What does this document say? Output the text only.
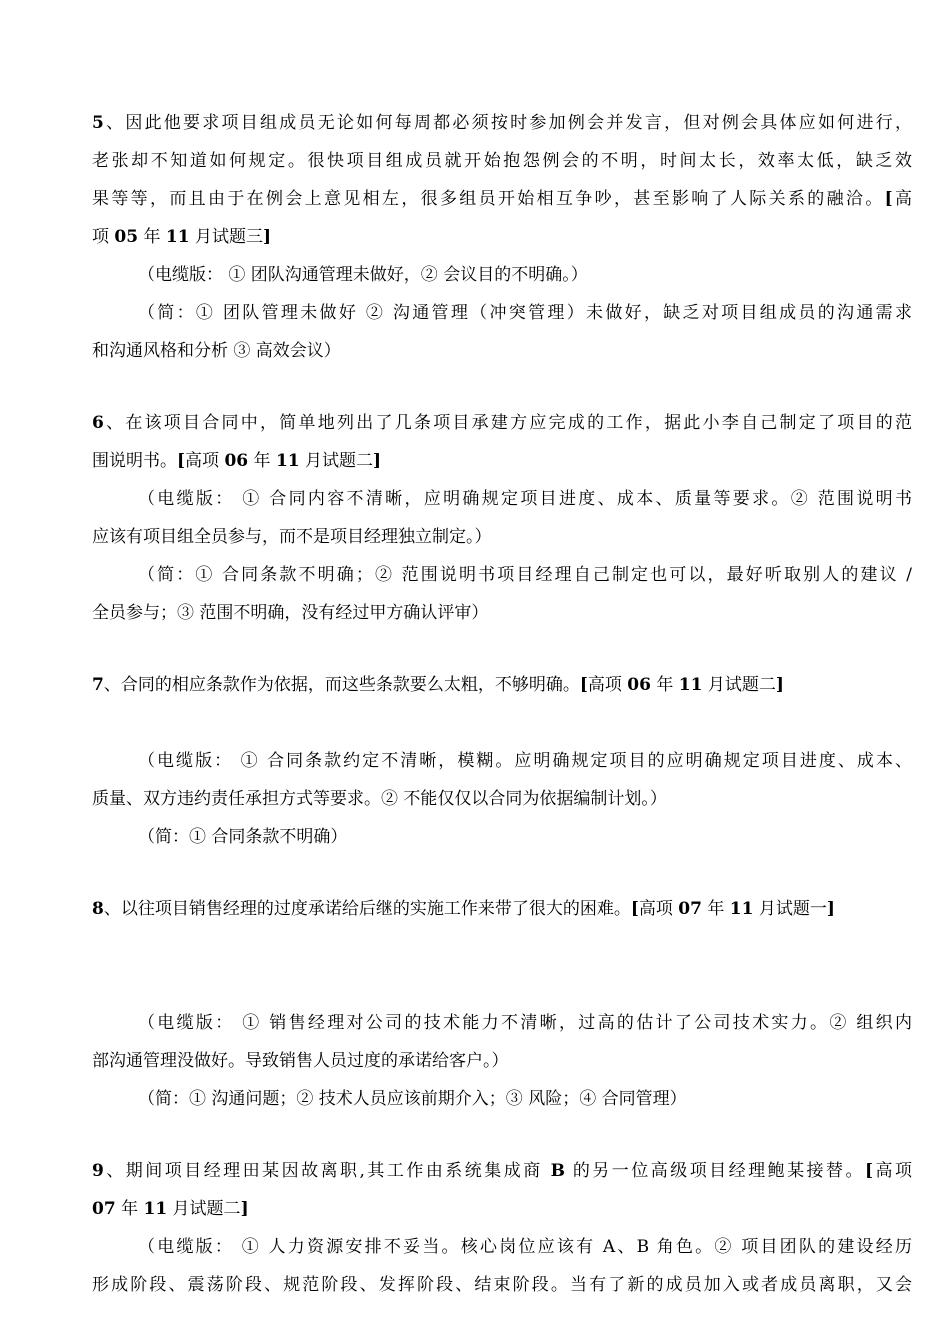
5、因此他要求项目组成员无论如何每周都必须按时参加例会并发言，但对例会具体应如何进行，
老张却不知道如何规定。很快项目组成员就开始抱怨例会的不明，时间太长，效率太低，缺乏效
果等等，而且由于在例会上意见相左，很多组员开始相互争吵，甚至影响了人际关系的融洽。[高
项 05 年 11 月试题三]
（电缆版： ① 团队沟通管理未做好，② 会议目的不明确。）
（简：① 团队管理未做好 ② 沟通管理（冲突管理）未做好，缺乏对项目组成员的沟通需求
和沟通风格和分析 ③ 高效会议）
6、在该项目合同中，简单地列出了几条项目承建方应完成的工作，据此小李自己制定了项目的范
围说明书。[高项 06 年 11 月试题二]
（电缆版： ① 合同内容不清晰，应明确规定项目进度、成本、质量等要求。② 范围说明书
应该有项目组全员参与，而不是项目经理独立制定。）
（简：① 合同条款不明确；② 范围说明书项目经理自己制定也可以，最好听取别人的建议 /
全员参与；③ 范围不明确，没有经过甲方确认评审）
7、合同的相应条款作为依据，而这些条款要么太粗，不够明确。[高项 06 年 11 月试题二]
（电缆版： ① 合同条款约定不清晰，模糊。应明确规定项目的应明确规定项目进度、成本、
质量、双方违约责任承担方式等要求。② 不能仅仅以合同为依据编制计划。）
（简：① 合同条款不明确）
8、以往项目销售经理的过度承诺给后继的实施工作来带了很大的困难。[高项 07 年 11 月试题一]
（电缆版： ① 销售经理对公司的技术能力不清晰，过高的估计了公司技术实力。② 组织内
部沟通管理没做好。导致销售人员过度的承诺给客户。）
（简：① 沟通问题；② 技术人员应该前期介入；③ 风险；④ 合同管理）
9、期间项目经理田某因故离职,其工作由系统集成商 B 的另一位高级项目经理鲍某接替。[高项
07 年 11 月试题二]
（电缆版： ① 人力资源安排不妥当。核心岗位应该有 A、B 角色。② 项目团队的建设经历
形成阶段、震荡阶段、规范阶段、发挥阶段、结束阶段。当有了新的成员加入或者成员离职，又会
